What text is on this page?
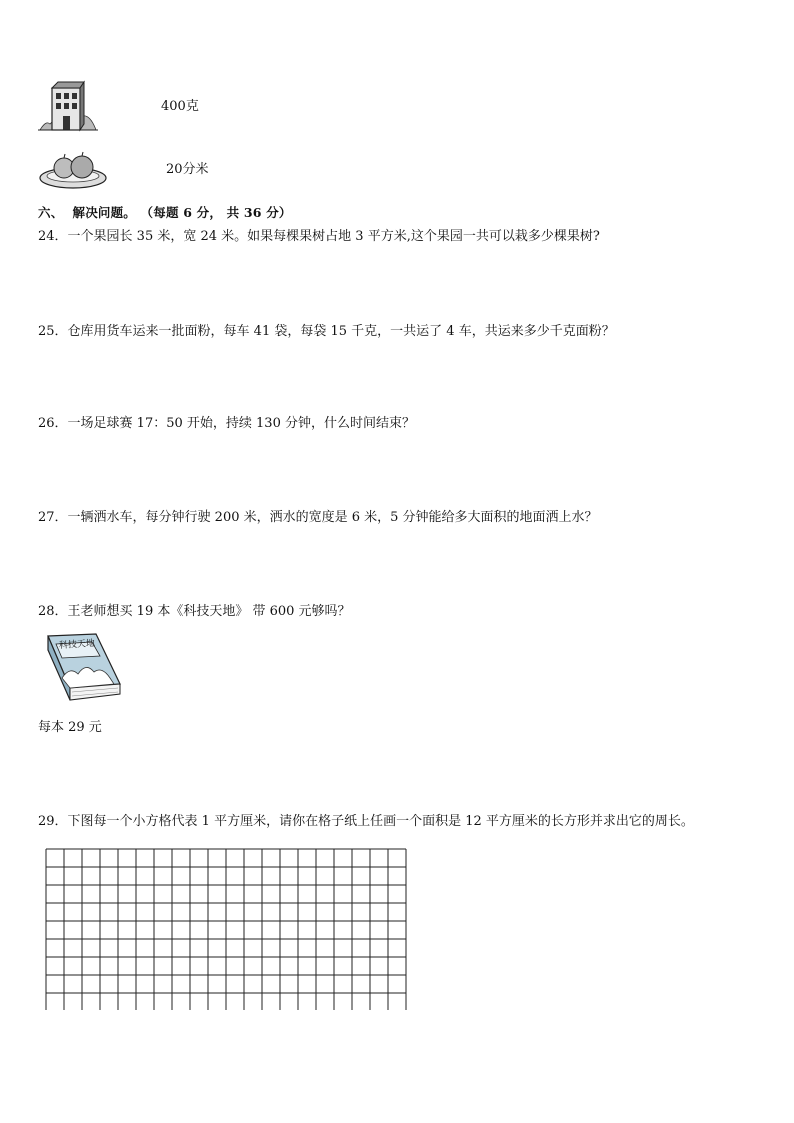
400克
20分米
六、  解决问题。 （每题 6 分， 共 36 分）
24．一个果园长 35 米，宽 24 米。如果每棵果树占地 3 平方米,这个果园一共可以栽多少棵果树?
25．仓库用货车运来一批面粉，每车 41 袋，每袋 15 千克，一共运了 4 车，共运来多少千克面粉？
26．一场足球赛 17：50 开始，持续 130 分钟，什么时间结束？
27．一辆洒水车，每分钟行驶 200 米，洒水的宽度是 6 米，5 分钟能给多大面积的地面洒上水？
28．王老师想买 19 本《科技天地》 带 600 元够吗？
科技天地
每本 29 元
29．下图每一个小方格代表 1 平方厘米，请你在格子纸上任画一个面积是 12 平方厘米的长方形并求出它的周长。
